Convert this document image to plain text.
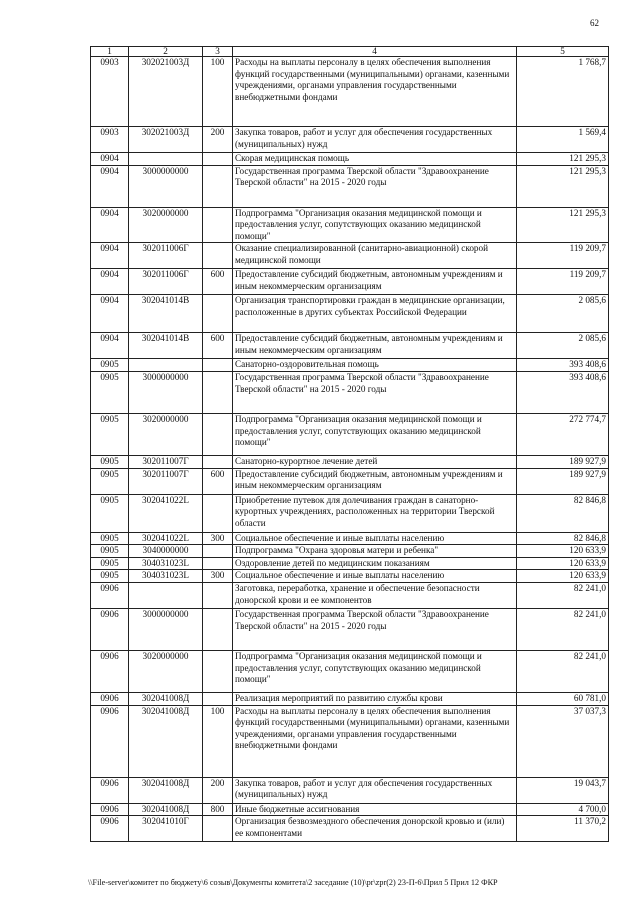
62
1	2	3	4	5
0903	302021003Д	100	Расходы на выплаты персоналу в целях обеспечения выполнения функций государственными (муниципальными) органами, казенными учреждениями, органами управления государственными внебюджетными фондами	1 768,7
0903	302021003Д	200	Закупка товаров, работ и услуг для обеспечения государственных (муниципальных) нужд	1 569,4
0904			Скорая медицинская помощь	121 295,3
0904	3000000000		Государственная программа Тверской области "Здравоохранение Тверской области" на 2015 - 2020 годы	121 295,3
0904	3020000000		Подпрограмма "Организация оказания медицинской помощи и предоставления услуг, сопутствующих оказанию медицинской помощи"	121 295,3
0904	302011006Г		Оказание специализированной (санитарно-авиационной) скорой медицинской помощи	119 209,7
0904	302011006Г	600	Предоставление субсидий бюджетным, автономным учреждениям и иным некоммерческим организациям	119 209,7
0904	302041014В		Организация транспортировки граждан в медицинские организации, расположенные в других субъектах Российской Федерации	2 085,6
0904	302041014В	600	Предоставление субсидий бюджетным, автономным учреждениям и иным некоммерческим организациям	2 085,6
0905			Санаторно-оздоровительная помощь	393 408,6
0905	3000000000		Государственная программа Тверской области "Здравоохранение Тверской области" на 2015 - 2020 годы	393 408,6
0905	3020000000		Подпрограмма "Организация оказания медицинской помощи и предоставления услуг, сопутствующих оказанию медицинской помощи"	272 774,7
0905	302011007Г		Санаторно-курортное лечение детей	189 927,9
0905	302011007Г	600	Предоставление субсидий бюджетным, автономным учреждениям и иным некоммерческим организациям	189 927,9
0905	302041022L		Приобретение путевок для долечивания граждан в санаторно-курортных учреждениях, расположенных на территории Тверской области	82 846,8
0905	302041022L	300	Социальное обеспечение и иные выплаты населению	82 846,8
0905	3040000000		Подпрограмма "Охрана здоровья матери и ребенка"	120 633,9
0905	304031023L		Оздоровление детей по медицинским показаниям	120 633,9
0905	304031023L	300	Социальное обеспечение и иные выплаты населению	120 633,9
0906			Заготовка, переработка, хранение и обеспечение безопасности донорской крови и ее компонентов	82 241,0
0906	3000000000		Государственная программа Тверской области "Здравоохранение Тверской области" на 2015 - 2020 годы	82 241,0
0906	3020000000		Подпрограмма "Организация оказания медицинской помощи и предоставления услуг, сопутствующих оказанию медицинской помощи"	82 241,0
0906	302041008Д		Реализация мероприятий по развитию службы крови	60 781,0
0906	302041008Д	100	Расходы на выплаты персоналу в целях обеспечения выполнения функций государственными (муниципальными) органами, казенными учреждениями, органами управления государственными внебюджетными фондами	37 037,3
0906	302041008Д	200	Закупка товаров, работ и услуг для обеспечения государственных (муниципальных) нужд	19 043,7
0906	302041008Д	800	Иные бюджетные ассигнования	4 700,0
0906	302041010Г		Организация безвозмездного обеспечения донорской кровью и (или) ее компонентами	11 370,2
\\File-server\комитет по бюджету\6 созыв\Документы комитета\2 заседание (10)\pr\zpr(2) 23-П-6\Прил 5 Прил 12 ФКР
